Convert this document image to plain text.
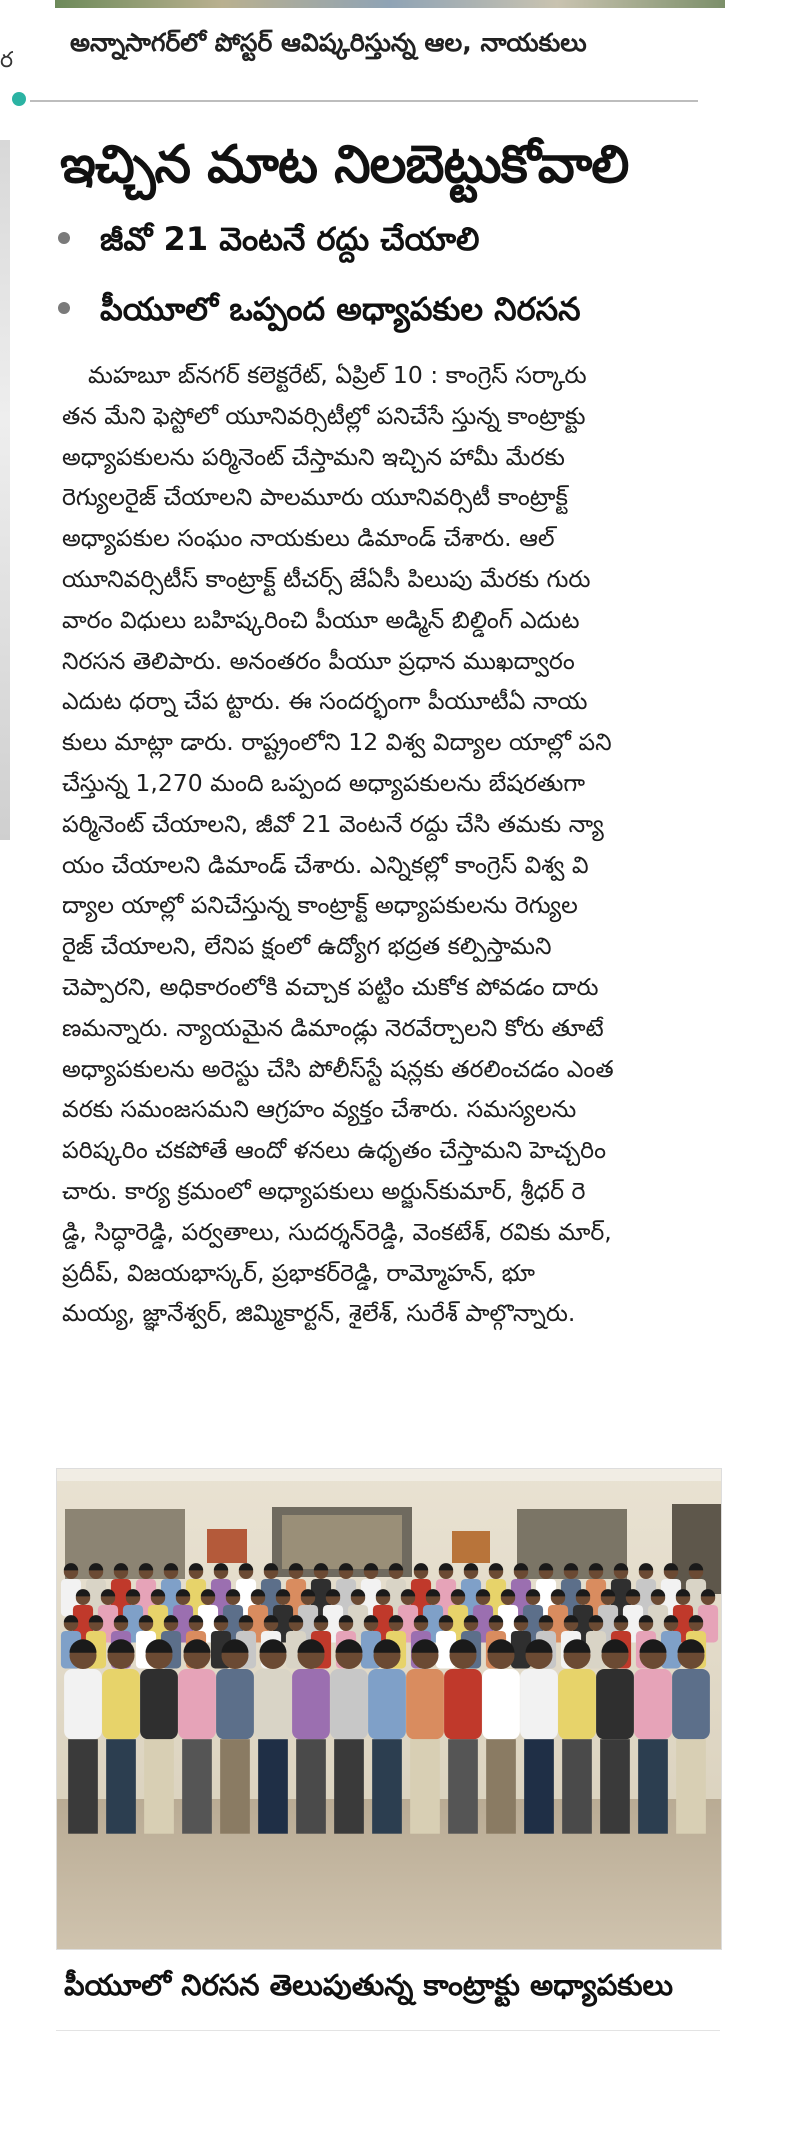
ర
అన్నాసాగర్‌లో పోస్టర్ ఆవిష్కరిస్తున్న ఆల, నాయకులు
ఇచ్చిన మాట నిలబెట్టుకోవాలి
జీవో 21 వెంటనే రద్దు చేయాలి
పీయూలో ఒప్పంద అధ్యాపకుల నిరసన
మహబూ బ్‌నగర్ కలెక్టరేట్, ఏప్రిల్ 10 : కాంగ్రెస్ సర్కారు
తన మేని ఫెస్టోలో యూనివర్సిటీల్లో పనిచేసే స్తున్న కాంట్రాక్టు
అధ్యాపకులను పర్మినెంట్ చేస్తామని ఇచ్చిన హామీ మేరకు
రెగ్యులరైజ్ చేయాలని పాలమూరు యూనివర్సిటీ కాంట్రాక్ట్
అధ్యాపకుల సంఘం నాయకులు డిమాండ్ చేశారు. ఆల్
యూనివర్సిటీస్ కాంట్రాక్ట్ టీచర్స్ జేఏసీ పిలుపు మేరకు గురు
వారం విధులు బహిష్కరించి పీయూ అడ్మిన్ బిల్డింగ్ ఎదుట
నిరసన తెలిపారు. అనంతరం పీయూ ప్రధాన ముఖద్వారం
ఎదుట ధర్నా చేప ట్టారు. ఈ సందర్భంగా పీయూటీఏ నాయ
కులు మాట్లా డారు. రాష్ట్రంలోని 12 విశ్వ విద్యాల యాల్లో పని
చేస్తున్న 1,270 మంది ఒప్పంద అధ్యాపకులను బేషరతుగా
పర్మినెంట్ చేయాలని, జీవో 21 వెంటనే రద్దు చేసి తమకు న్యా
యం చేయాలని డిమాండ్ చేశారు. ఎన్నికల్లో కాంగ్రెస్ విశ్వ వి
ద్యాల యాల్లో పనిచేస్తున్న కాంట్రాక్ట్ అధ్యాపకులను రెగ్యుల
రైజ్ చేయాలని, లేనిప క్షంలో ఉద్యోగ భద్రత కల్పిస్తామని
చెప్పారని, అధికారంలోకి వచ్చాక పట్టిం చుకోక పోవడం దారు
ణమన్నారు. న్యాయమైన డిమాండ్లు నెరవేర్చాలని కోరు తూటే
అధ్యాపకులను అరెస్టు చేసి పోలీస్‌స్టే షన్లకు తరలించడం ఎంత
వరకు సమంజసమని ఆగ్రహం వ్యక్తం చేశారు. సమస్యలను
పరిష్కరిం చకపోతే ఆందో ళనలు ఉధృతం చేస్తామని హెచ్చరిం
చారు. కార్య క్రమంలో అధ్యాపకులు అర్జున్‌కుమార్, శ్రీధర్ రె
డ్డి, సిద్ధారెడ్డి, పర్వతాలు, సుదర్శన్‌రెడ్డి, వెంకటేశ్, రవికు మార్,
ప్రదీప్, విజయభాస్కర్, ప్రభాకర్‌రెడ్డి, రామ్మోహన్, భూ
మయ్య, జ్ఞానేశ్వర్, జిమ్మికార్టన్, శైలేశ్, సురేశ్ పాల్గొన్నారు.
పీయూలో నిరసన తెలుపుతున్న కాంట్రాక్టు అధ్యాపకులు
